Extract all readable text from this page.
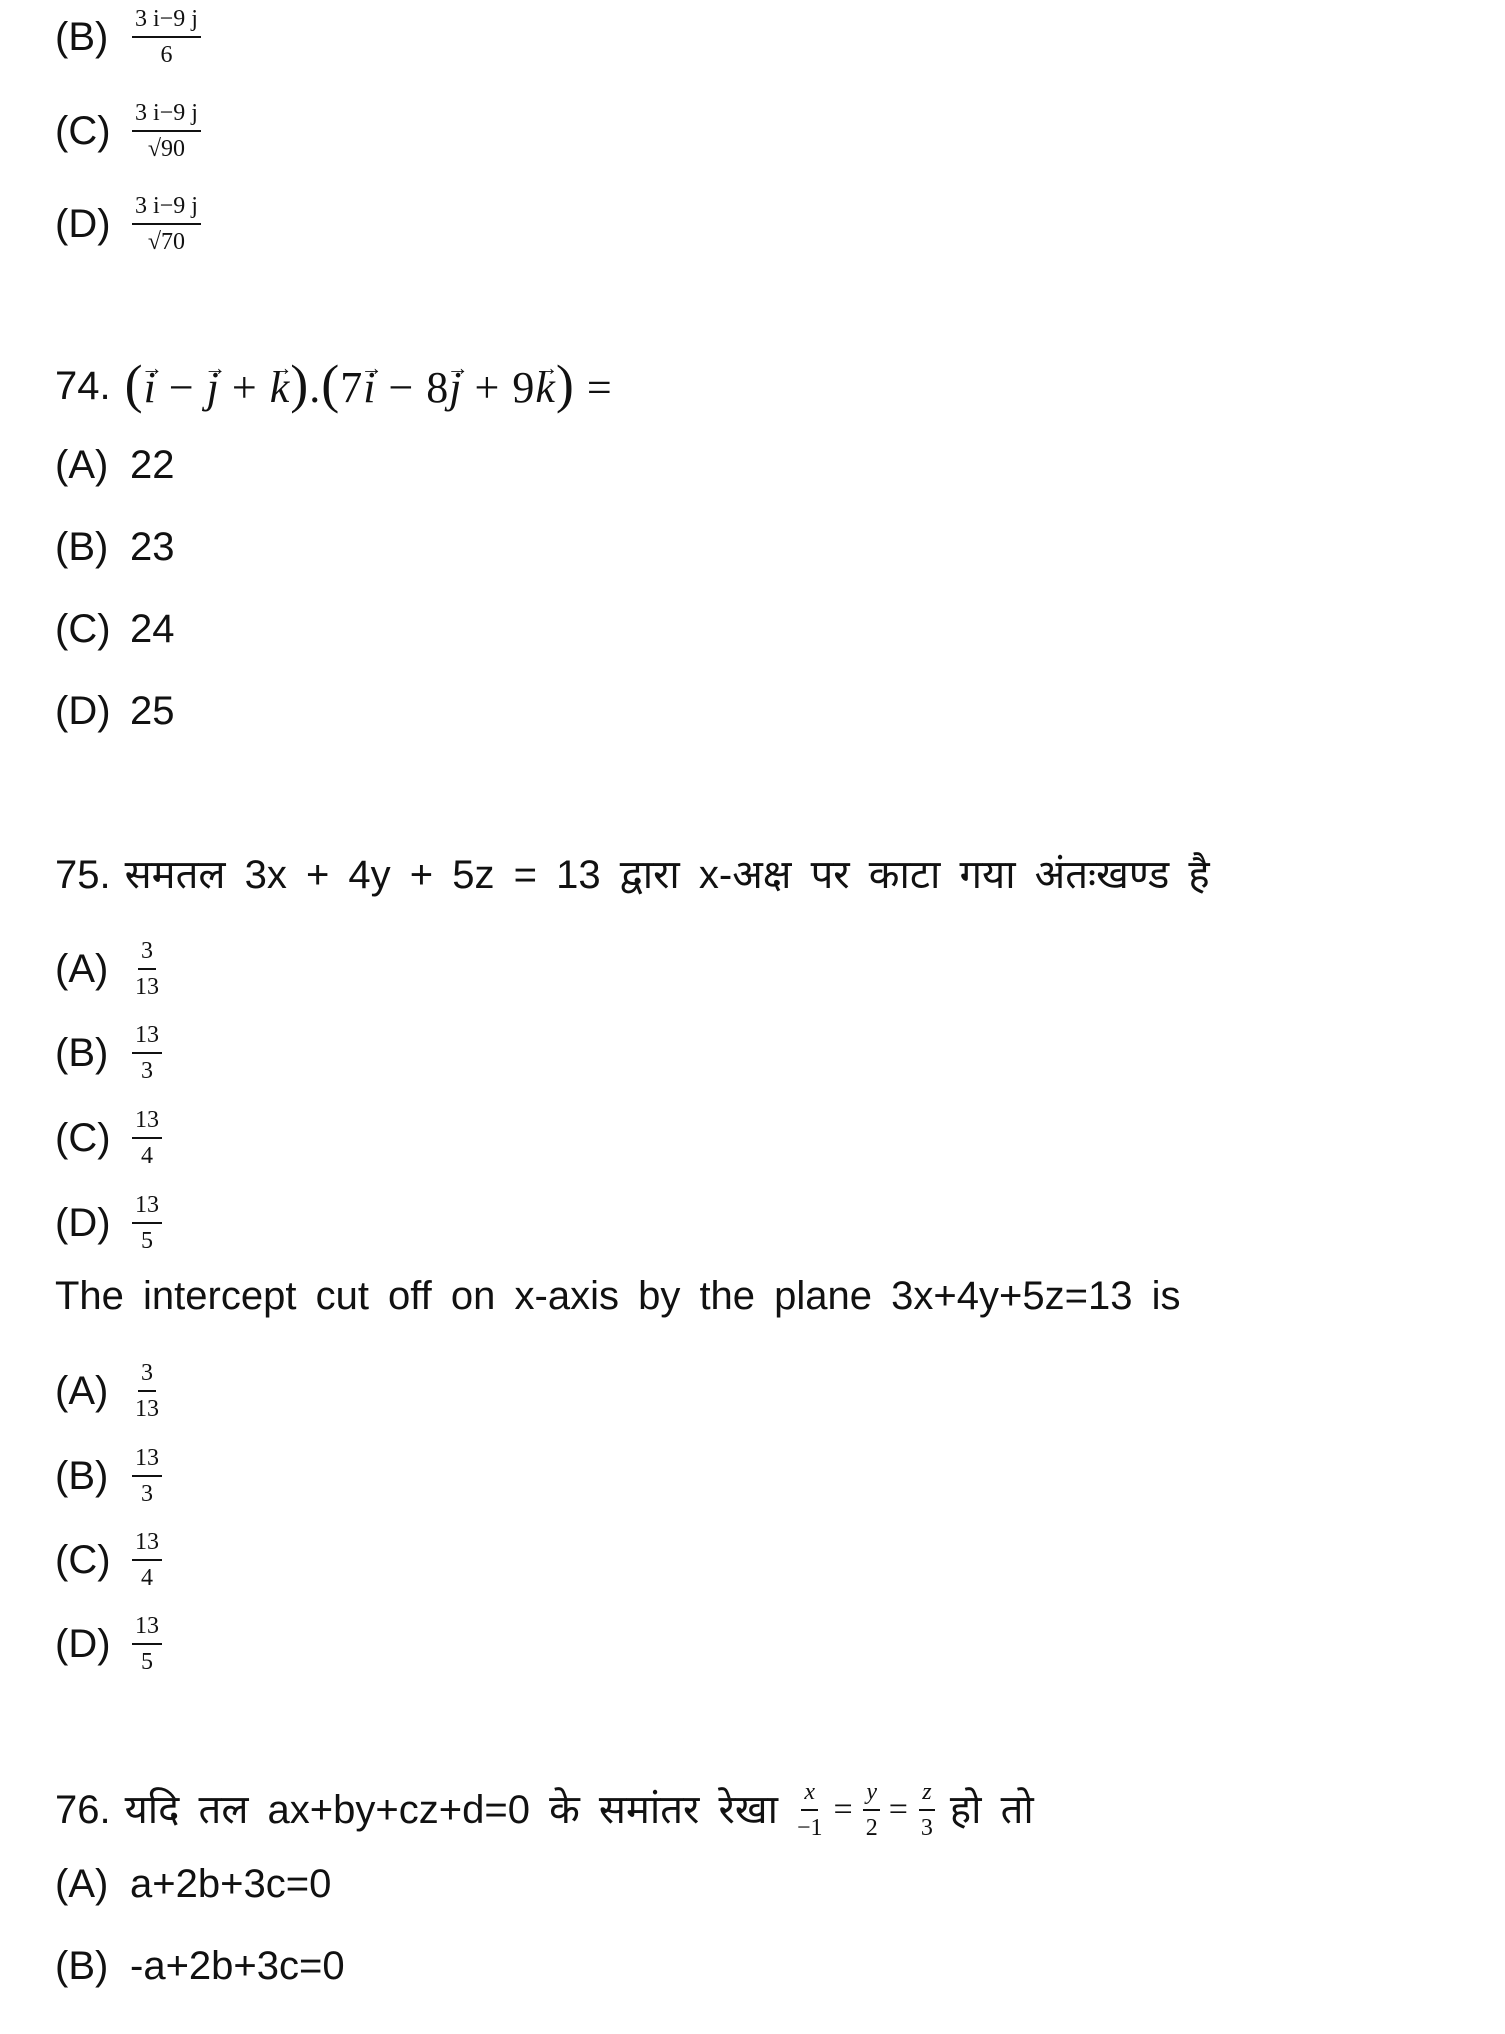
$(B) \frac{3 i-9 j}{6}$
$(C) \frac{3 i-9 j}{√90}$
$(D) \frac{3 i-9 j}{√70}$
74. (i → − j → + k →).(7i → − 8j → + 9k →) =
(A) 22
(B) 23
(C) 24
(D) 25
75. समतल 3x + 4y + 5z = 13 द्वारा x-अक्ष पर काटा गया अंतःखण्ड है
$(A) \frac{3}{13}$
$(B) \frac{13}{3}$
$(C) \frac{13}{4}$
$(D) \frac{13}{5}$
The intercept cut off on x-axis by the plane 3x+4y+5z=13 is
$(A) \frac{3}{13}$
$(B) \frac{13}{3}$
$(C) \frac{13}{4}$
$(D) \frac{13}{5}$
76. यदि तल ax+by+cz+d=0 के समांतर रेखा $\frac{x}{-1} = \frac{y}{2} = \frac{z}{3}$ हो तो
(A) a+2b+3c=0
(B) -a+2b+3c=0
